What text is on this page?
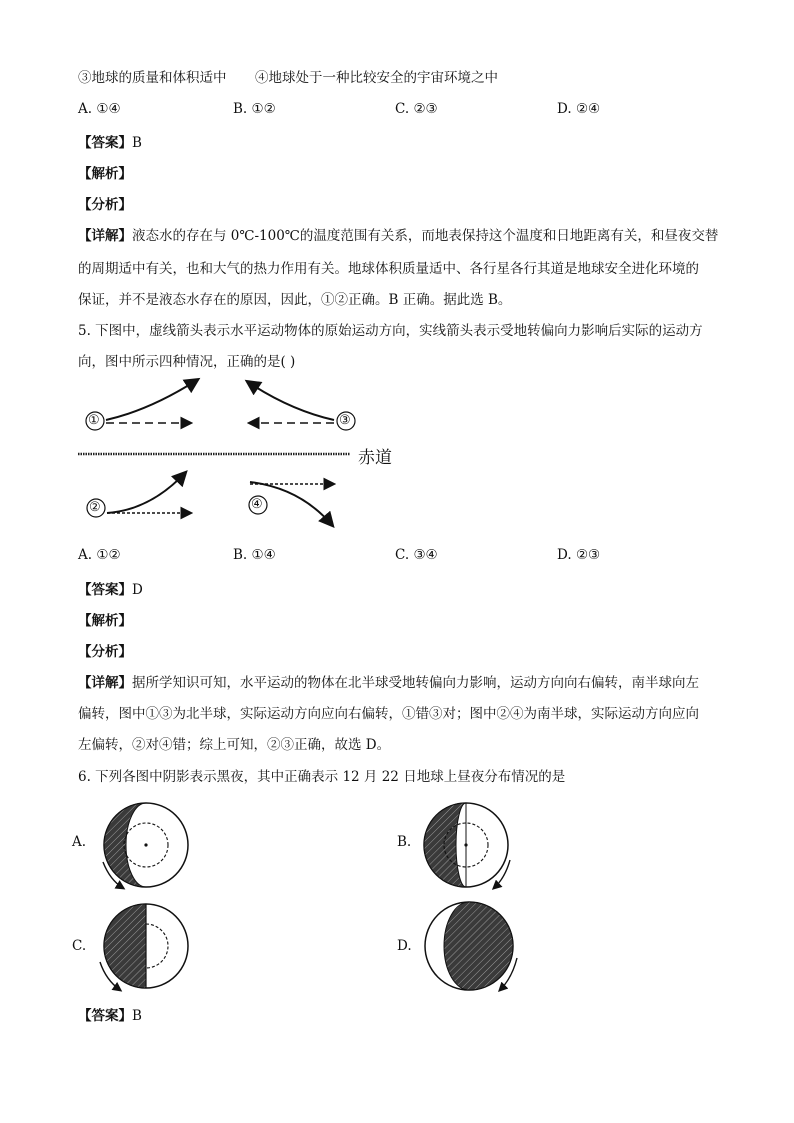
③地球的质量和体积适中 ④地球处于一种比较安全的宇宙环境之中
A. ①④	B. ①②	C. ②③	D. ②④
【答案】B
【解析】
【分析】
【详解】液态水的存在与 0℃-100℃的温度范围有关系，而地表保持这个温度和日地距离有关，和昼夜交替
的周期适中有关，也和大气的热力作用有关。地球体积质量适中、各行星各行其道是地球安全进化环境的
保证，并不是液态水存在的原因，因此，①②正确。B 正确。据此选 B。
5. 下图中，虚线箭头表示水平运动物体的原始运动方向，实线箭头表示受地转偏向力影响后实际的运动方
向，图中所示四种情况，正确的是( )
①	③
②	④
赤道
A. ①②	B. ①④	C. ③④	D. ②③
【答案】D
【解析】
【分析】
【详解】据所学知识可知，水平运动的物体在北半球受地转偏向力影响，运动方向向右偏转，南半球向左
偏转，图中①③为北半球，实际运动方向应向右偏转，①错③对；图中②④为南半球，实际运动方向应向
左偏转，②对④错；综上可知，②③正确，故选 D。
6. 下列各图中阴影表示黑夜，其中正确表示 12 月 22 日地球上昼夜分布情况的是
A.	B.
C.	D.
【答案】B
